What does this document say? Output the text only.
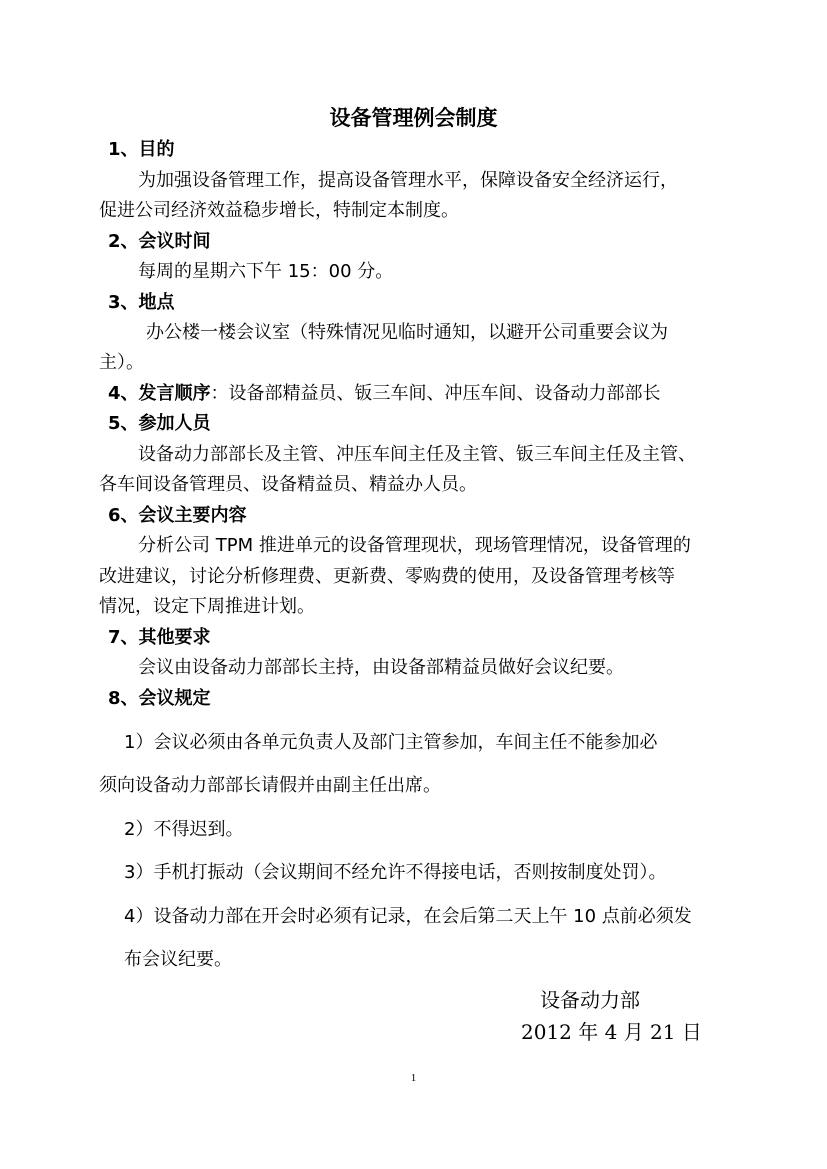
设备管理例会制度
1、目的
为加强设备管理工作，提高设备管理水平，保障设备安全经济运行，
促进公司经济效益稳步增长，特制定本制度。
2、会议时间
每周的星期六下午 15：00 分。
3、地点
办公楼一楼会议室（特殊情况见临时通知，以避开公司重要会议为
主）。
4、发言顺序：设备部精益员、钣三车间、冲压车间、设备动力部部长
5、参加人员
设备动力部部长及主管、冲压车间主任及主管、钣三车间主任及主管、
各车间设备管理员、设备精益员、精益办人员。
6、会议主要内容
分析公司 TPM 推进单元的设备管理现状，现场管理情况，设备管理的
改进建议，讨论分析修理费、更新费、零购费的使用，及设备管理考核等
情况，设定下周推进计划。
7、其他要求
会议由设备动力部部长主持，由设备部精益员做好会议纪要。
8、会议规定
1）会议必须由各单元负责人及部门主管参加，车间主任不能参加必
须向设备动力部部长请假并由副主任出席。
2）不得迟到。
3）手机打振动（会议期间不经允许不得接电话，否则按制度处罚）。
4）设备动力部在开会时必须有记录，在会后第二天上午 10 点前必须发
布会议纪要。
设备动力部
2012 年 4 月 21 日
1
